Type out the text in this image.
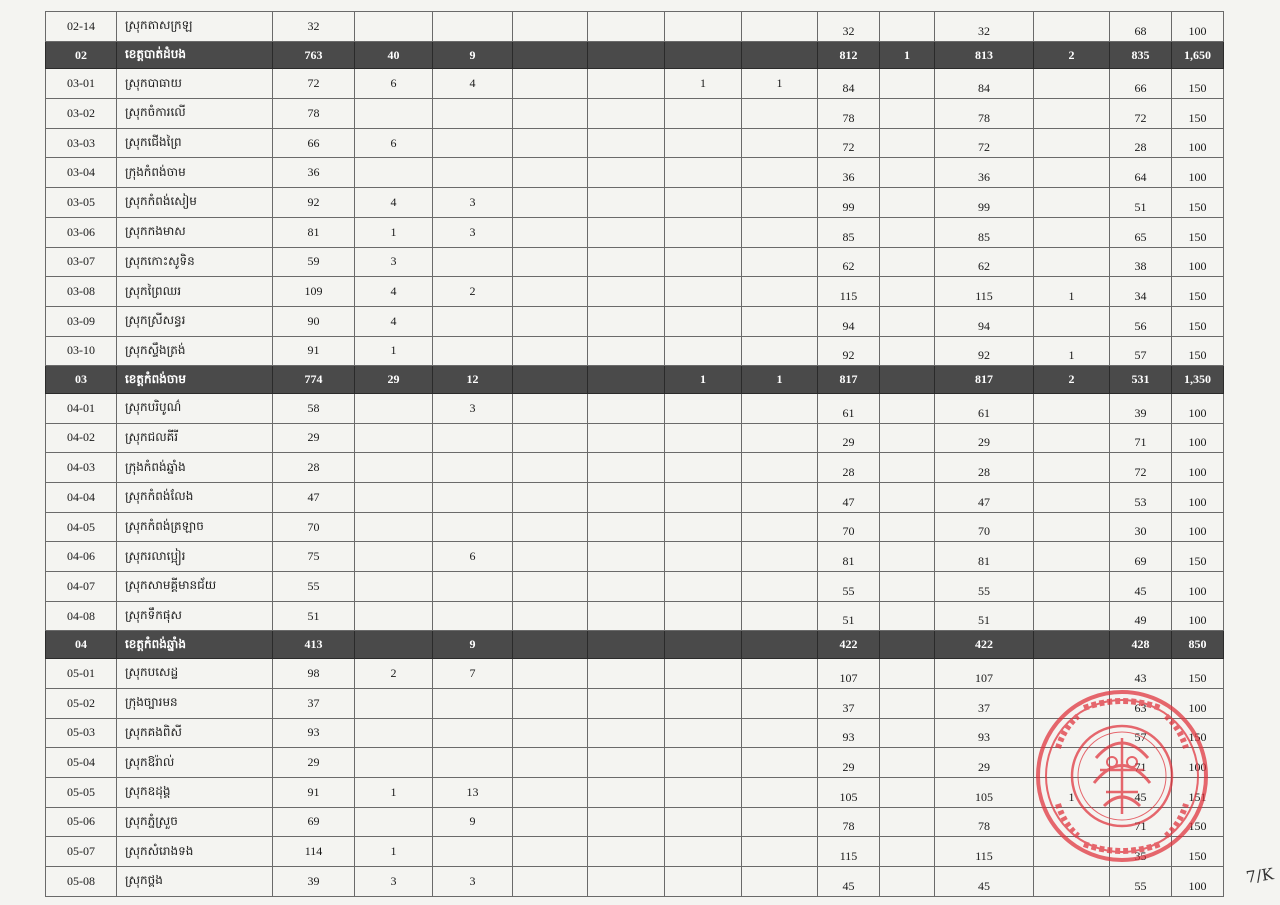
02-14	ស្រុកតាសក្រឡ	32							32		32		68	100
02	ខេត្តបាត់ដំបង	763	40	9					812	1	813	2	835	1,650
03-01	ស្រុកបាធាយ	72	6	4			1	1	84		84		66	150
03-02	ស្រុកចំការលើ	78							78		78		72	150
03-03	ស្រុកជើងព្រៃ	66	6						72		72		28	100
03-04	ក្រុងកំពង់ចាម	36							36		36		64	100
03-05	ស្រុកកំពង់សៀម	92	4	3					99		99		51	150
03-06	ស្រុកកងមាស	81	1	3					85		85		65	150
03-07	ស្រុកកោះសូទិន	59	3						62		62		38	100
03-08	ស្រុកព្រៃឈរ	109	4	2					115		115	1	34	150
03-09	ស្រុកស្រីសន្ធរ	90	4						94		94		56	150
03-10	ស្រុកស្ទឹងត្រង់	91	1						92		92	1	57	150
03	ខេត្តកំពង់ចាម	774	29	12			1	1	817		817	2	531	1,350
04-01	ស្រុកបរិបូណ៌	58		3					61		61		39	100
04-02	ស្រុកជលគីរី	29							29		29		71	100
04-03	ក្រុងកំពង់ឆ្នាំង	28							28		28		72	100
04-04	ស្រុកកំពង់លែង	47							47		47		53	100
04-05	ស្រុកកំពង់ត្រឡាច	70							70		70		30	100
04-06	ស្រុករលាប្អៀរ	75		6					81		81		69	150
04-07	ស្រុកសាមគ្គីមានជ័យ	55							55		55		45	100
04-08	ស្រុកទឹកផុស	51							51		51		49	100
04	ខេត្តកំពង់ឆ្នាំង	413		9					422		422		428	850
05-01	ស្រុកបសេដ្ឋ	98	2	7					107		107		43	150
05-02	ក្រុងច្បារមន	37							37		37		63	100
05-03	ស្រុកគងពិសី	93							93		93		57	150
05-04	ស្រុកឱរ៉ាល់	29							29		29		71	100
05-05	ស្រុកឧដុង្គ	91	1	13					105		105	1	45	151
05-06	ស្រុកភ្នំស្រួច	69		9					78		78		71	150
05-07	ស្រុកសំរោងទង	114	1						115		115		35	150
05-08	ស្រុកថ្ពង	39	3	3					45		45		55	100 7/K
